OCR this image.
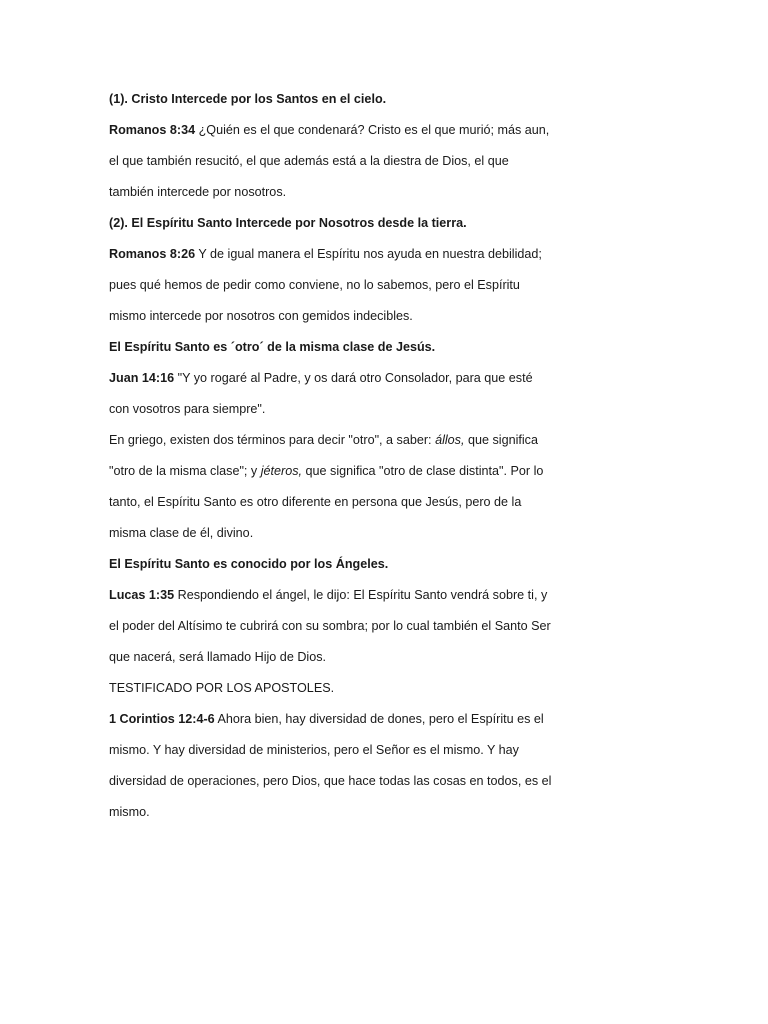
(1). Cristo Intercede por los Santos en el cielo.
Romanos 8:34 ¿Quién es el que condenará? Cristo es el que murió; más aun,
el que también resucitó, el que además está a la diestra de Dios, el que
también intercede por nosotros.
(2). El Espíritu Santo Intercede por Nosotros desde la tierra.
Romanos 8:26 Y de igual manera el Espíritu nos ayuda en nuestra debilidad;
pues qué hemos de pedir como conviene, no lo sabemos, pero el Espíritu
mismo intercede por nosotros con gemidos indecibles.
El Espíritu Santo es ´otro´ de la misma clase de Jesús.
Juan 14:16 "Y yo rogaré al Padre, y os dará otro Consolador, para que esté
con vosotros para siempre".
En griego, existen dos términos para decir "otro", a saber: állos, que significa
"otro de la misma clase"; y jéteros, que significa "otro de clase distinta". Por lo
tanto, el Espíritu Santo es otro diferente en persona que Jesús, pero de la
misma clase de él, divino.
El Espíritu Santo es conocido por los Ángeles.
Lucas 1:35 Respondiendo el ángel, le dijo: El Espíritu Santo vendrá sobre ti, y
el poder del Altísimo te cubrirá con su sombra; por lo cual también el Santo Ser
que nacerá, será llamado Hijo de Dios.
TESTIFICADO POR LOS APOSTOLES.
1 Corintios 12:4-6 Ahora bien, hay diversidad de dones, pero el Espíritu es el
mismo. Y hay diversidad de ministerios, pero el Señor es el mismo. Y hay
diversidad de operaciones, pero Dios, que hace todas las cosas en todos, es el
mismo.
